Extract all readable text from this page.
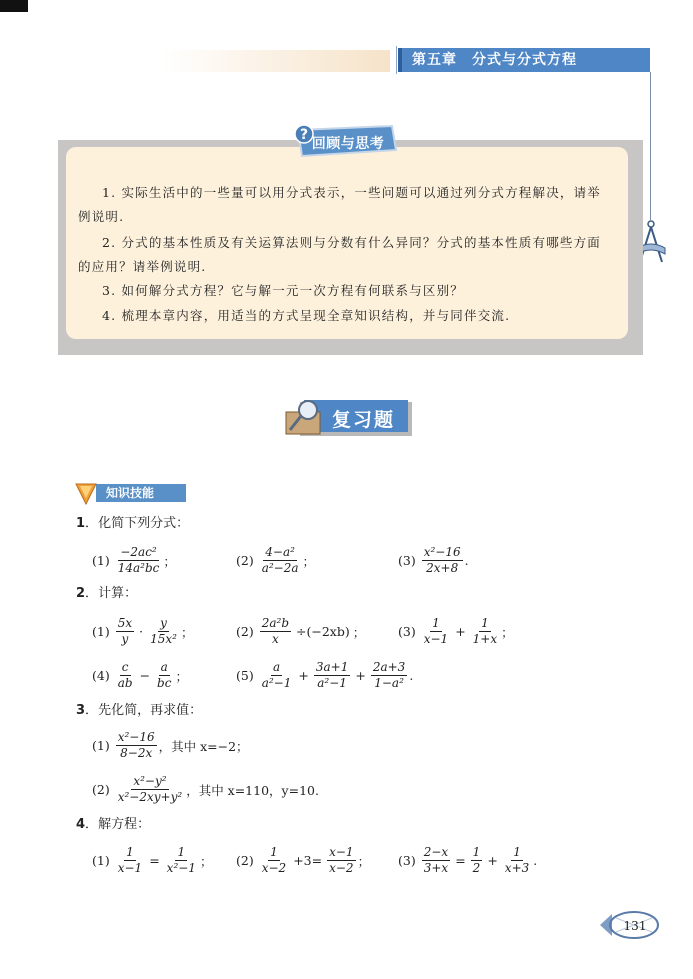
第五章　分式与分式方程
?
回顾与思考
1. 实际生活中的一些量可以用分式表示，一些问题可以通过列分式方程解决，请举
例说明.
2. 分式的基本性质及有关运算法则与分数有什么异同？分式的基本性质有哪些方面
的应用？请举例说明.
3. 如何解分式方程？它与解一元一次方程有何联系与区别？
4. 梳理本章内容，用适当的方式呈现全章知识结构，并与同伴交流.
复习题
知识技能
1．化简下列分式：
$(1) \frac{\text{−2ac²}}{\text{14a²bc}}$ ；	$(2) \frac{\text{4−a²}}{\text{a²−2a}}$ ；	$(3) \frac{\text{x²−16}}{2x+8}$ .
2．计算：
$(1) \frac{5x}{y} \cdot \frac{y}{\text{15x²}}$ ；	$(2) \frac{\text{2a²b}}{x} \div(-2xb)$ ；	$(3) \frac{1}{x-1} + \frac{1}{1+x}$ ；
$(4) \frac{c}{ab} - \frac{a}{bc}$ ；	$(5) \frac{a}{\text{a²−1}} + \frac{3a+1}{\text{a²−1}} + \frac{2a+3}{\text{1−a²}}$ .
3．先化简，再求值：
$(1) \frac{\text{x²−16}}{8-2x}$ ，其中 x=−2；
$(2) \frac{\text{x²−y²}}{\text{x²−2xy+y²}}$ ，其中 x=110，y=10.
4．解方程：
$(1) \frac{1}{x-1} = \frac{1}{\text{x²−1}}$ ； $(2) \frac{1}{x-2} +3= \frac{x-1}{x-2}$ ； $(3) \frac{2-x}{3+x} = \frac{1}{2} + \frac{1}{x+3}$ .
131
